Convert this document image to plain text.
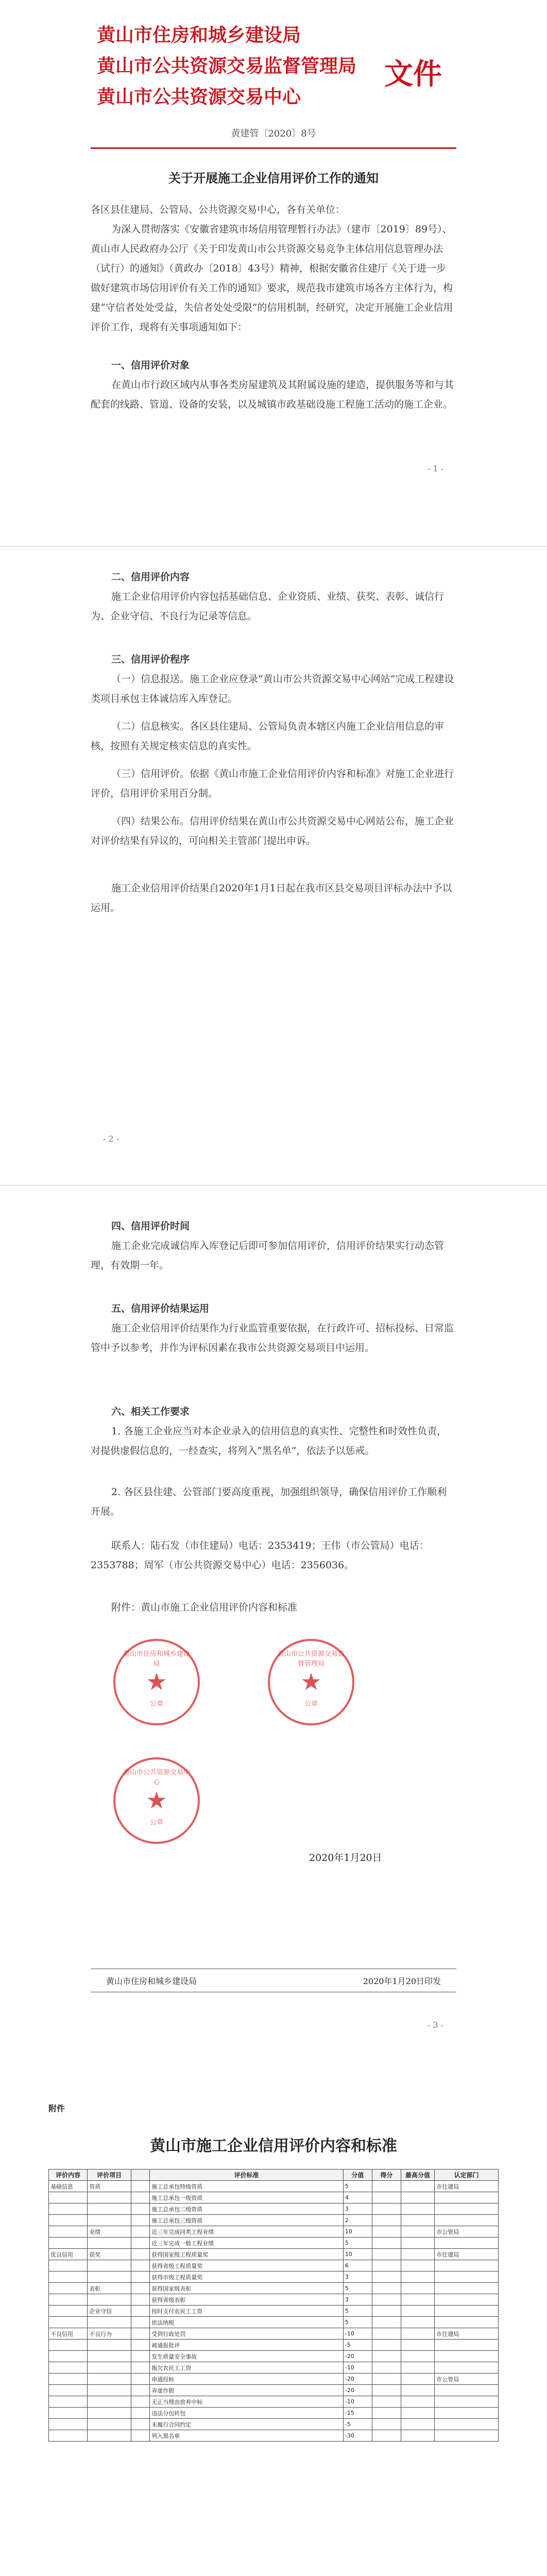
黄山市住房和城乡建设局
黄山市公共资源交易监督管理局
黄山市公共资源交易中心
文件
黄建管〔2020〕8号
关于开展施工企业信用评价工作的通知
各区县住建局、公管局、公共资源交易中心，各有关单位：
为深入贯彻落实《安徽省建筑市场信用管理暂行办法》（建市〔2019〕89号）、黄山市人民政府办公厅《关于印发黄山市公共资源交易竞争主体信用信息管理办法（试行）的通知》（黄政办〔2018〕43号）精神，根据安徽省住建厅《关于进一步做好建筑市场信用评价有关工作的通知》要求，规范我市建筑市场各方主体行为，构建“守信者处处受益，失信者处处受限”的信用机制，经研究，决定开展施工企业信用评价工作，现将有关事项通知如下：
一、信用评价对象
在黄山市行政区域内从事各类房屋建筑及其附属设施的建造，提供服务等和与其配套的线路、管道、设备的安装，以及城镇市政基础设施工程施工活动的施工企业。
- 1 -
二、信用评价内容
施工企业信用评价内容包括基础信息、企业资质、业绩、获奖、表彰、诚信行为、企业守信、不良行为记录等信息。
三、信用评价程序
（一）信息报送。施工企业应登录“黄山市公共资源交易中心网站”完成工程建设类项目承包主体诚信库入库登记。
（二）信息核实。各区县住建局、公管局负责本辖区内施工企业信用信息的审核，按照有关规定核实信息的真实性。
（三）信用评价。依据《黄山市施工企业信用评价内容和标准》对施工企业进行评价，信用评价采用百分制。
（四）结果公布。信用评价结果在黄山市公共资源交易中心网站公布，施工企业对评价结果有异议的，可向相关主管部门提出申诉。
施工企业信用评价结果自2020年1月1日起在我市区县交易项目评标办法中予以运用。
- 2 -
四、信用评价时间
施工企业完成诚信库入库登记后即可参加信用评价，信用评价结果实行动态管理，有效期一年。
五、信用评价结果运用
施工企业信用评价结果作为行业监管重要依据，在行政许可、招标投标、日常监管中予以参考，并作为评标因素在我市公共资源交易项目中运用。
六、相关工作要求
1. 各施工企业应当对本企业录入的信用信息的真实性、完整性和时效性负责，对提供虚假信息的，一经查实，将列入“黑名单”，依法予以惩戒。
2. 各区县住建、公管部门要高度重视，加强组织领导，确保信用评价工作顺利开展。
联系人：陆石发（市住建局）电话：2353419；王伟（市公管局）电话：2353788；周军（市公共资源交易中心）电话：2356036。
附件：黄山市施工企业信用评价内容和标准
黄山市住房和城乡建设局
★
公章
黄山市公共资源交易监督管理局
★
公章
黄山市公共资源交易中心
★
公章
2020年1月20日
黄山市住房和城乡建设局	2020年1月20日印发
- 3 -
附件
黄山市施工企业信用评价内容和标准
评价内容	评价项目		评价标准	分值	得分	最高分值	认定部门
基础信息	资质		施工总承包特级资质	5			市住建局
			施工总承包一级资质	4			
			施工总承包二级资质	3			
			施工总承包三级资质	2			
	业绩		近三年完成同类工程业绩	10			市公管局
			近三年完成一般工程业绩	5			
优良信用	获奖		获得国家级工程质量奖	10			市住建局
			获得省级工程质量奖	6			
			获得市级工程质量奖	3			
	表彰		获得国家级表彰	5			
			获得省级表彰	3			
	企业守信		按时支付农民工工资	5			
			依法纳税	5			
不良信用	不良行为		受到行政处罚	-10			市住建局
			被通报批评	-5			
			发生质量安全事故	-20			
			拖欠农民工工资	-10			
			串通投标	-20			市公管局
			弄虚作假	-20			
			无正当理由放弃中标	-10			
			违法分包转包	-15			
			未履行合同约定	-5			
			列入黑名单	-30			
